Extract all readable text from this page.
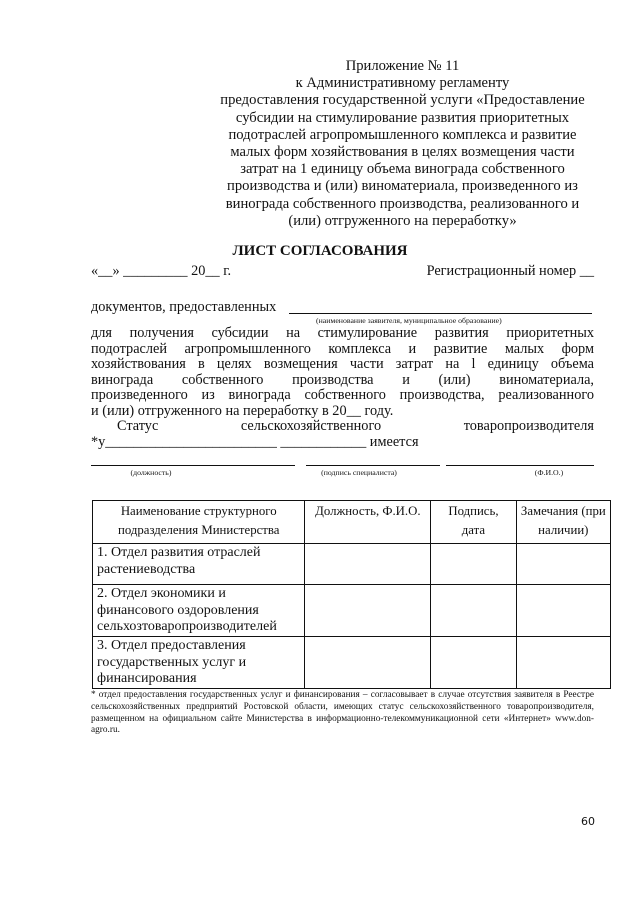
Приложение № 11
к Административному регламенту
предоставления государственной услуги «Предоставление
субсидии на стимулирование развития приоритетных
подотраслей агропромышленного комплекса и развитие
малых форм хозяйствования в целях возмещения части
затрат на 1 единицу объема винограда собственного
производства и (или) виноматериала, произведенного из
винограда собственного производства, реализованного и
(или) отгруженного на переработку»
ЛИСТ СОГЛАСОВАНИЯ
«__» _________ 20__ г.	Регистрационный номер __
документов, предоставленных
(наименование заявителя, муниципальное образование)
для получения субсидии на стимулирование развития приоритетных
подотраслей агропромышленного комплекса и развитие малых форм
хозяйствования в целях возмещения части затрат на l единицу объема
винограда собственного производства и (или) виноматериала,
произведенного из винограда собственного производства, реализованного
и (или) отгруженного на переработку в 20__ году.
Статус сельскохозяйственного товаропроизводителя
*у________________________ ____________ имеется
(должность)	(подпись специалиста)	(Ф.И.О.)
Наименование структурного подразделения Министерства	Должность, Ф.И.О.	Подпись, дата	Замечания (при наличии)
1. Отдел развития отраслей растениеводства			
2. Отдел экономики и финансового оздоровления сельхозтоваропроизводителей			
3. Отдел предоставления государственных услуг и финансирования			
* отдел предоставления государственных услуг и финансирования – согласовывает в случае отсутствия заявителя в Реестре сельскохозяйственных предприятий Ростовской области, имеющих статус сельскохозяйственного товаропроизводителя, размещенном на официальном сайте Министерства в информационно-телекоммуникационной сети «Интернет» www.don-agro.ru.
60
